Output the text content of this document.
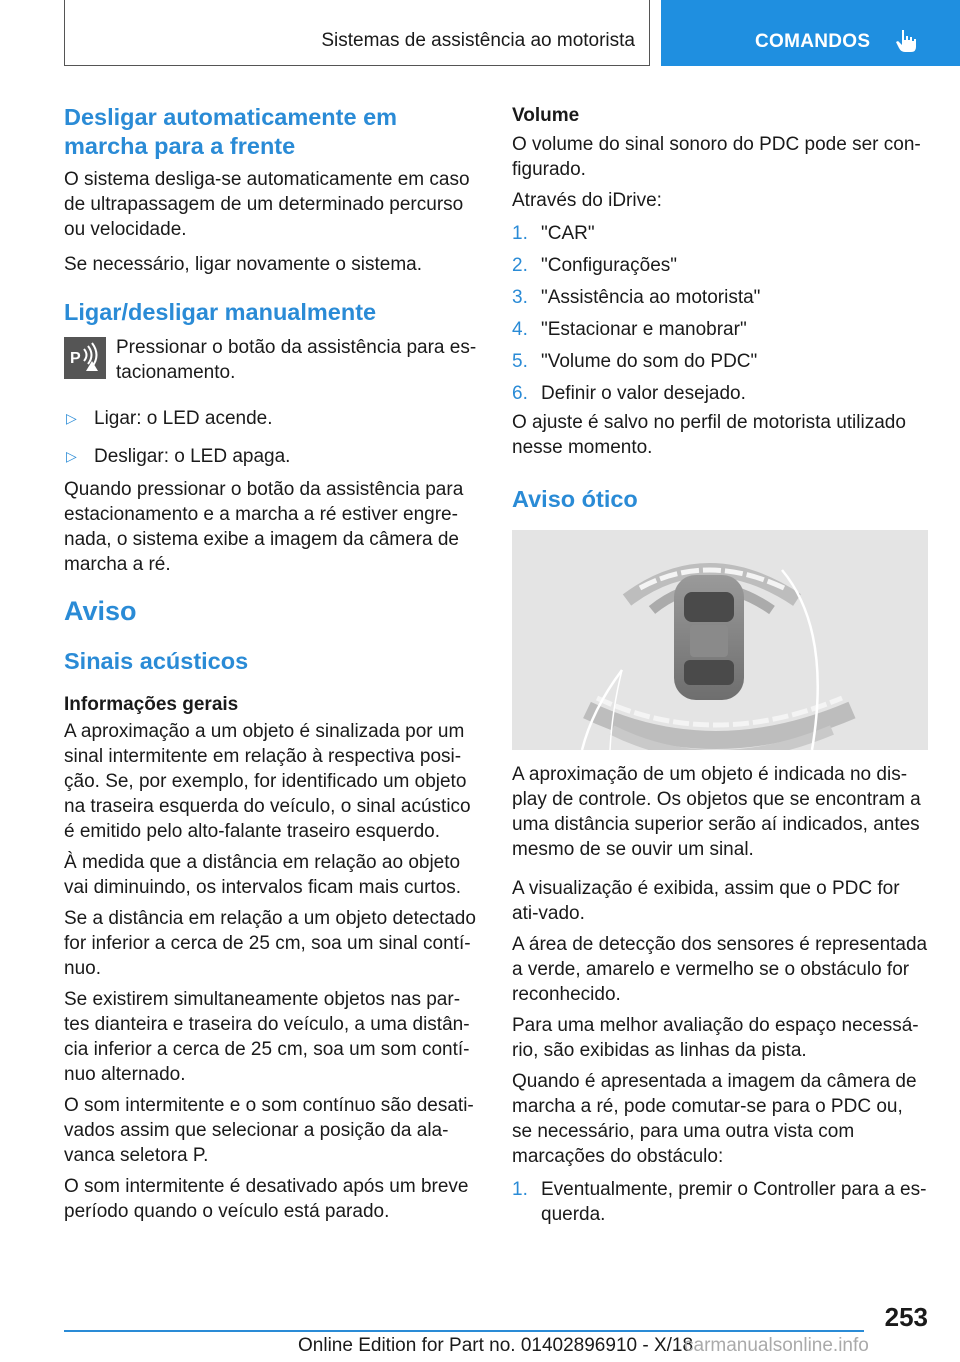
Sistemas de assistência ao motorista	COMANDOS
Desligar automaticamente em marcha para a frente

O sistema desliga-se automaticamente em caso de ultrapassagem de um determinado percurso ou velocidade.

Se necessário, ligar novamente o sistema.

Ligar/desligar manualmente
P

Pressionar o botão da assistência para es-tacionamento.

▷ Ligar: o LED acende.
▷ Desligar: o LED apaga.

Quando pressionar o botão da assistência para estacionamento e a marcha a ré estiver engre-nada, o sistema exibe a imagem da câmera de marcha a ré.

Aviso
Sinais acústicos
Informações gerais

A aproximação a um objeto é sinalizada por um sinal intermitente em relação à respectiva posi-ção. Se, por exemplo, for identificado um objeto na traseira esquerda do veículo, o sinal acústico é emitido pelo alto-falante traseiro esquerdo.

À medida que a distância em relação ao objeto vai diminuindo, os intervalos ficam mais curtos.

Se a distância em relação a um objeto detectado for inferior a cerca de 25 cm, soa um sinal contí-nuo.

Se existirem simultaneamente objetos nas par-tes dianteira e traseira do veículo, a uma distân-cia inferior a cerca de 25 cm, soa um som contí-nuo alternado.

O som intermitente e o som contínuo são desati-vados assim que selecionar a posição da ala-vanca seletora P.

O som intermitente é desativado após um breve período quando o veículo está parado.

Volume

O volume do sinal sonoro do PDC pode ser con-figurado.

Através do iDrive:

1. "CAR"
2. "Configurações"
3. "Assistência ao motorista"
4. "Estacionar e manobrar"
5. "Volume do som do PDC"
6. Definir o valor desejado.

O ajuste é salvo no perfil de motorista utilizado nesse momento.

Aviso ótico

A aproximação de um objeto é indicada no dis-play de controle. Os objetos que se encontram a uma distância superior serão aí indicados, antes mesmo de se ouvir um sinal.

A visualização é exibida, assim que o PDC for ati-vado.

A área de detecção dos sensores é representada a verde, amarelo e vermelho se o obstáculo for reconhecido.

Para uma melhor avaliação do espaço necessá-rio, são exibidas as linhas da pista.

Quando é apresentada a imagem da câmera de marcha a ré, pode comutar-se para o PDC ou, se necessário, para uma outra vista com marcações do obstáculo:

1. Eventualmente, premir o Controller para a es-querda.
253
Online Edition for Part no. 01402896910 - X/18
carmanualsonline.info
